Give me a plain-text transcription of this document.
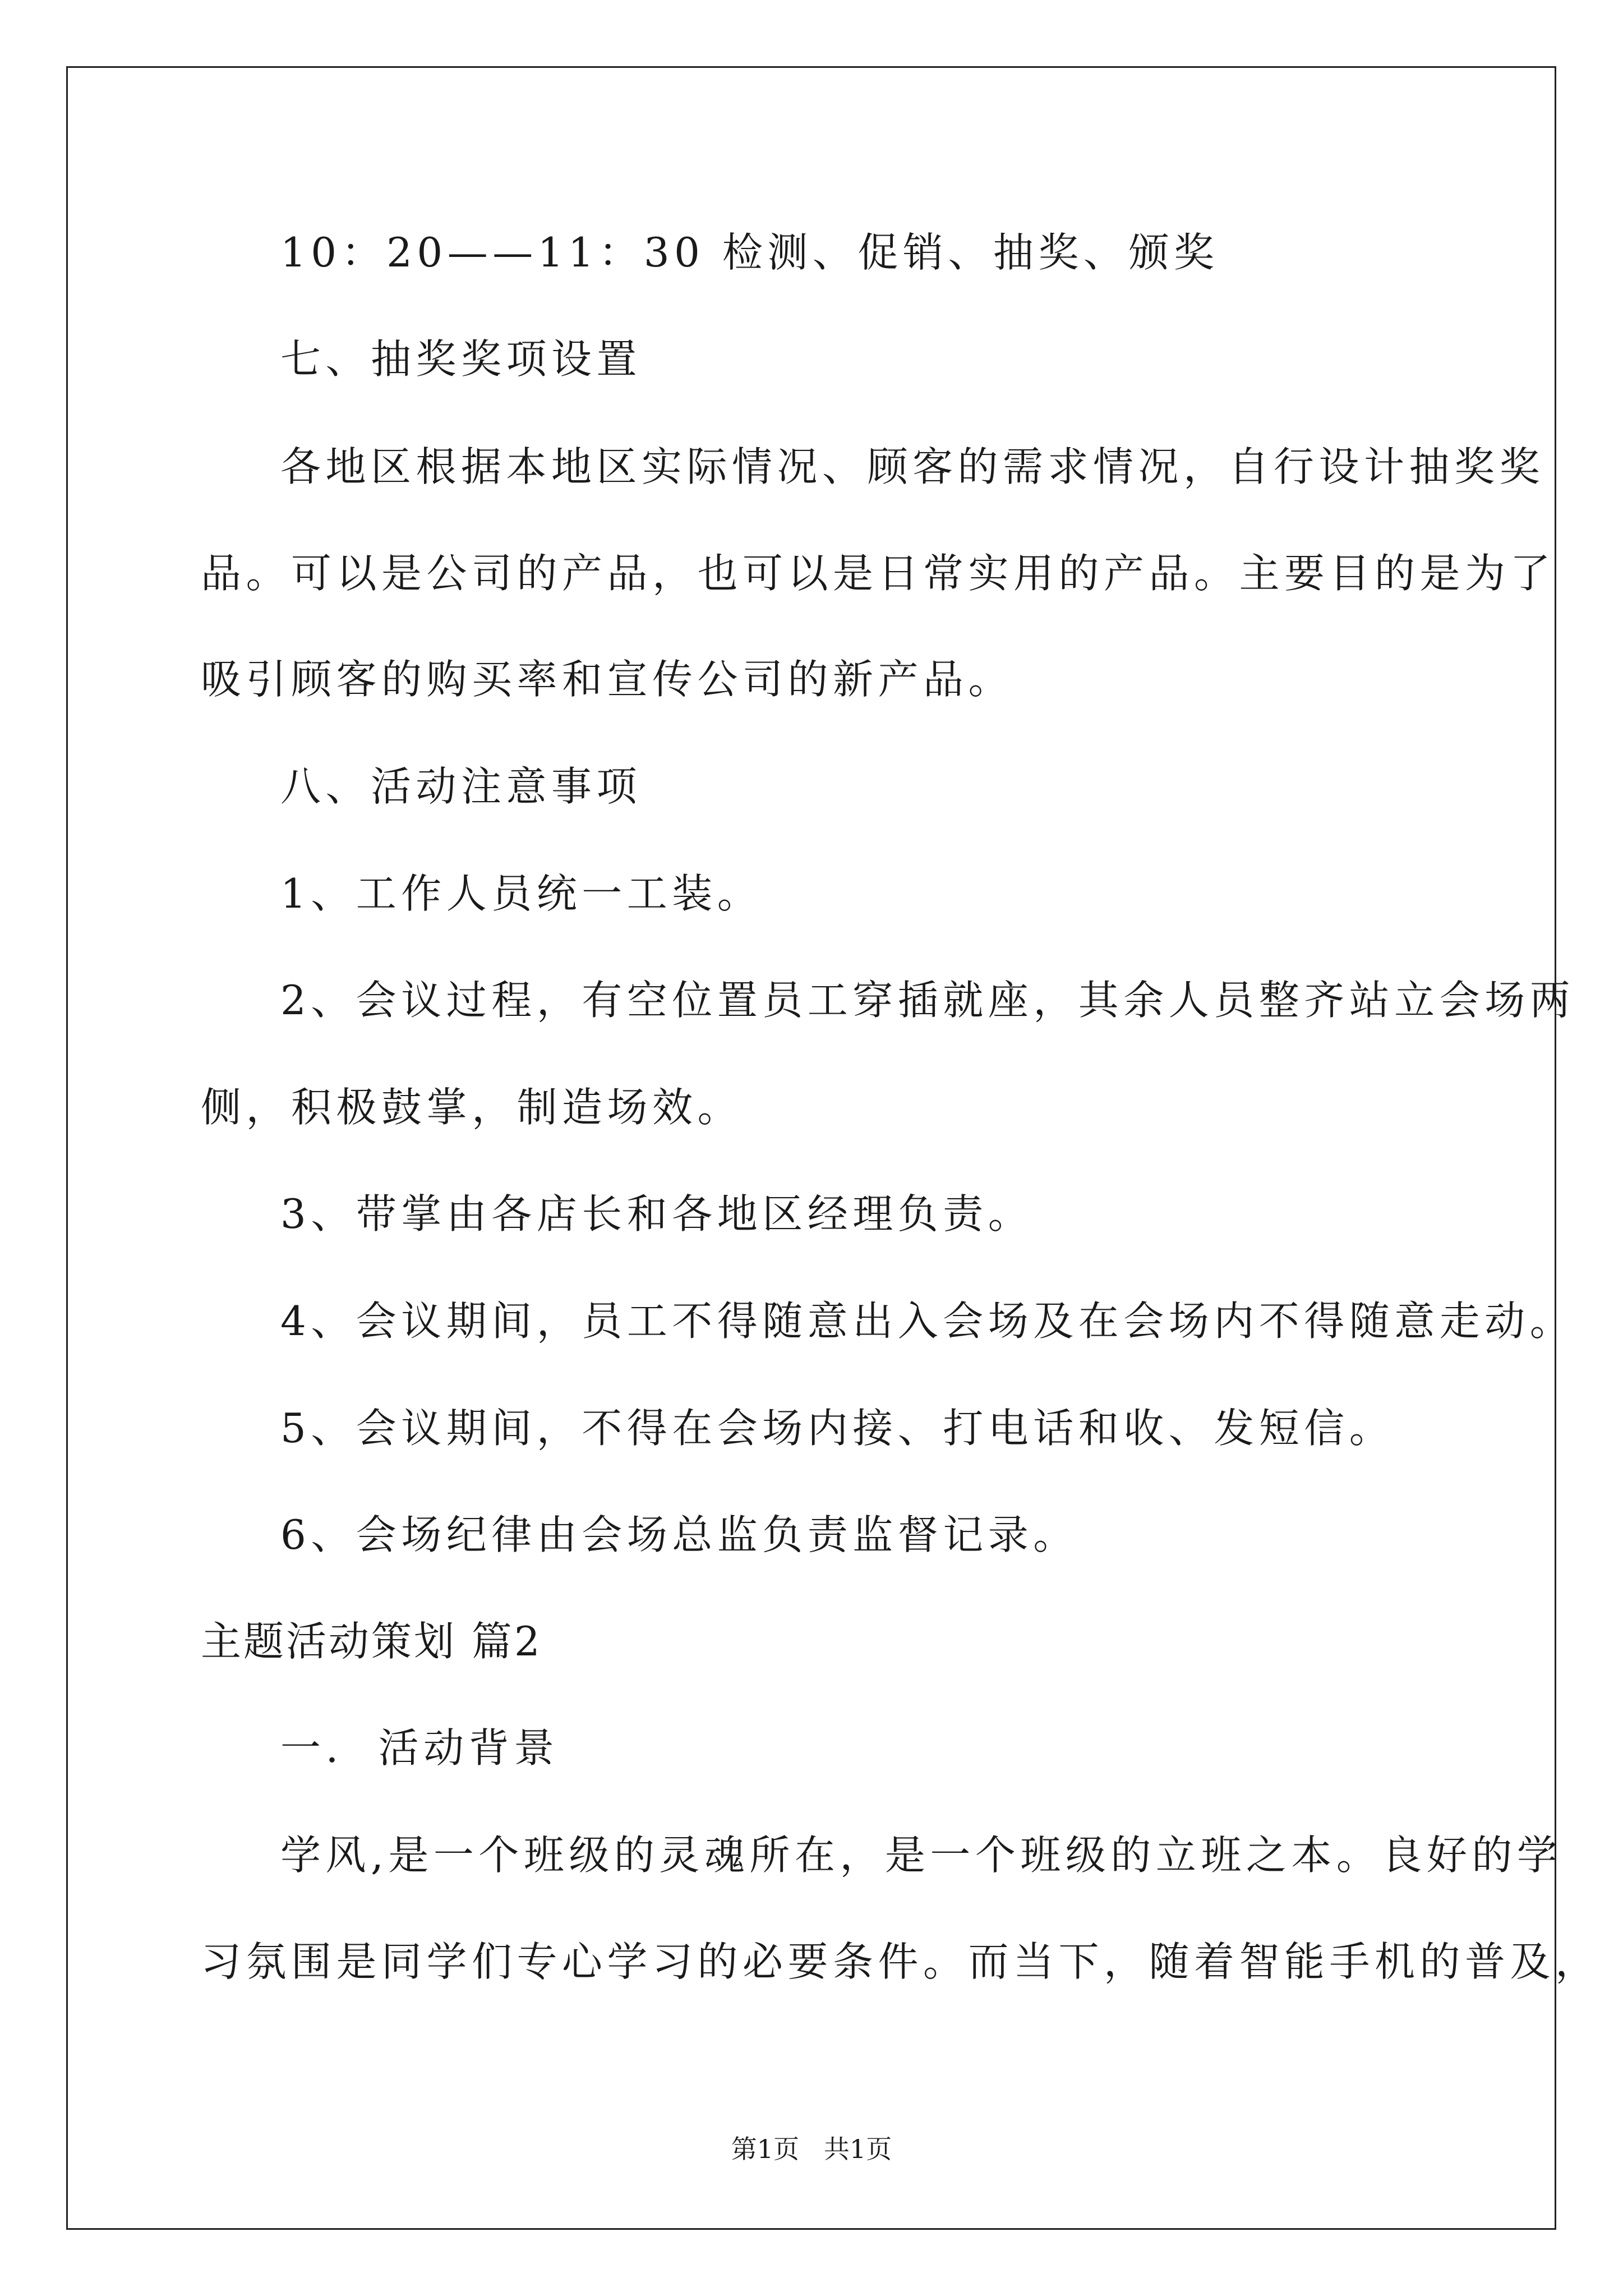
10：20——11：30 检测、促销、抽奖、颁奖
七、抽奖奖项设置
各地区根据本地区实际情况、顾客的需求情况，自行设计抽奖奖
品。可以是公司的产品，也可以是日常实用的产品。主要目的是为了
吸引顾客的购买率和宣传公司的新产品。
八、活动注意事项
1、工作人员统一工装。
2、会议过程，有空位置员工穿插就座，其余人员整齐站立会场两
侧，积极鼓掌，制造场效。
3、带掌由各店长和各地区经理负责。
4、会议期间，员工不得随意出入会场及在会场内不得随意走动。
5、会议期间，不得在会场内接、打电话和收、发短信。
6、会场纪律由会场总监负责监督记录。
主题活动策划 篇2
一.  活动背景
学风,是一个班级的灵魂所在，是一个班级的立班之本。良好的学
习氛围是同学们专心学习的必要条件。而当下，随着智能手机的普及，
第1页   共1页
